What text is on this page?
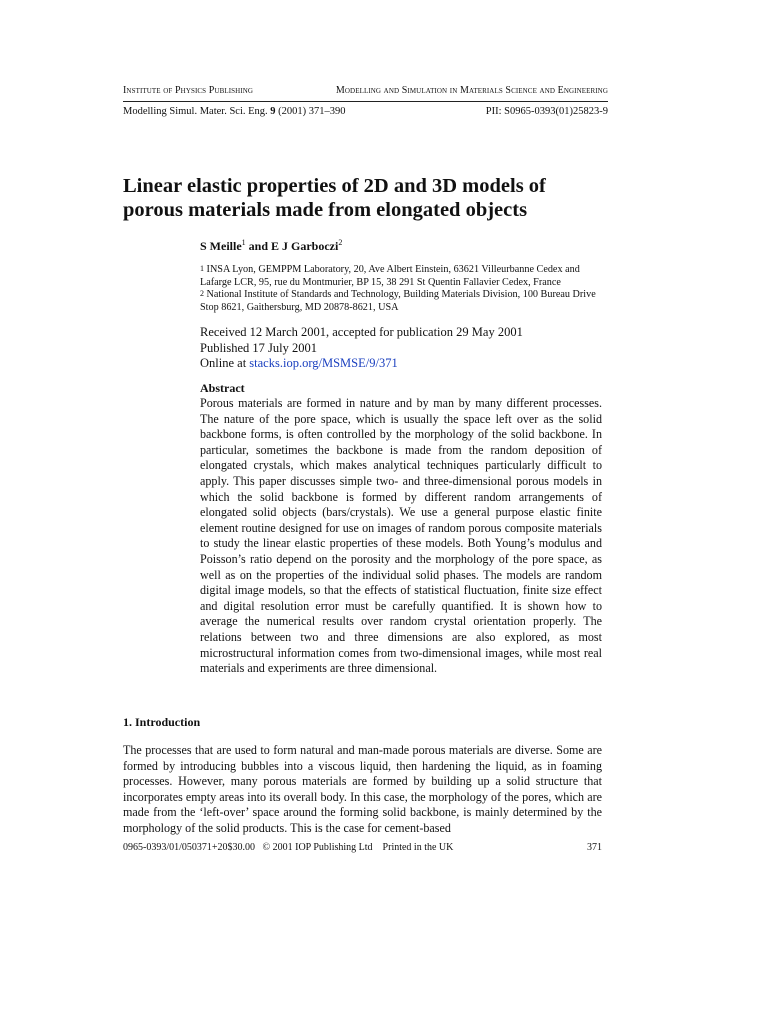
Institute of Physics Publishing	Modelling and Simulation in Materials Science and Engineering
Modelling Simul. Mater. Sci. Eng. 9 (2001) 371–390	PII: S0965-0393(01)25823-9
Linear elastic properties of 2D and 3D models of
porous materials made from elongated objects
S Meille$^1$ and E J Garboczi$^2$
$^1$ INSA Lyon, GEMPPM Laboratory, 20, Ave Albert Einstein, 63621 Villeurbanne Cedex and
Lafarge LCR, 95, rue du Montmurier, BP 15, 38 291 St Quentin Fallavier Cedex, France
$^2$ National Institute of Standards and Technology, Building Materials Division, 100 Bureau Drive
Stop 8621, Gaithersburg, MD 20878-8621, USA
Received 12 March 2001, accepted for publication 29 May 2001
Published 17 July 2001
Online at stacks.iop.org/MSMSE/9/371
Abstract

Porous materials are formed in nature and by man by many different processes. The nature of the pore space, which is usually the space left over as the solid backbone forms, is often controlled by the morphology of the solid backbone. In particular, sometimes the backbone is made from the random deposition of elongated crystals, which makes analytical techniques particularly difficult to apply. This paper discusses simple two- and three-dimensional porous models in which the solid backbone is formed by different random arrangements of elongated solid objects (bars/crystals). We use a general purpose elastic finite element routine designed for use on images of random porous composite materials to study the linear elastic properties of these models. Both Young’s modulus and Poisson’s ratio depend on the porosity and the morphology of the pore space, as well as on the properties of the individual solid phases. The models are random digital image models, so that the effects of statistical fluctuation, finite size effect and digital resolution error must be carefully quantified. It is shown how to average the numerical results over random crystal orientation properly. The relations between two and three dimensions are also explored, as most microstructural information comes from two-dimensional images, while most real materials and experiments are three dimensional.

1. Introduction

The processes that are used to form natural and man-made porous materials are diverse. Some are formed by introducing bubbles into a viscous liquid, then hardening the liquid, as in foaming processes. However, many porous materials are formed by building up a solid structure that incorporates empty areas into its overall body. In this case, the morphology of the pores, which are made from the ‘left-over’ space around the forming solid backbone, is mainly determined by the morphology of the solid products. This is the case for cement-based

0965-0393/01/050371+20$30.00 © 2001 IOP Publishing Ltd Printed in the UK	371
